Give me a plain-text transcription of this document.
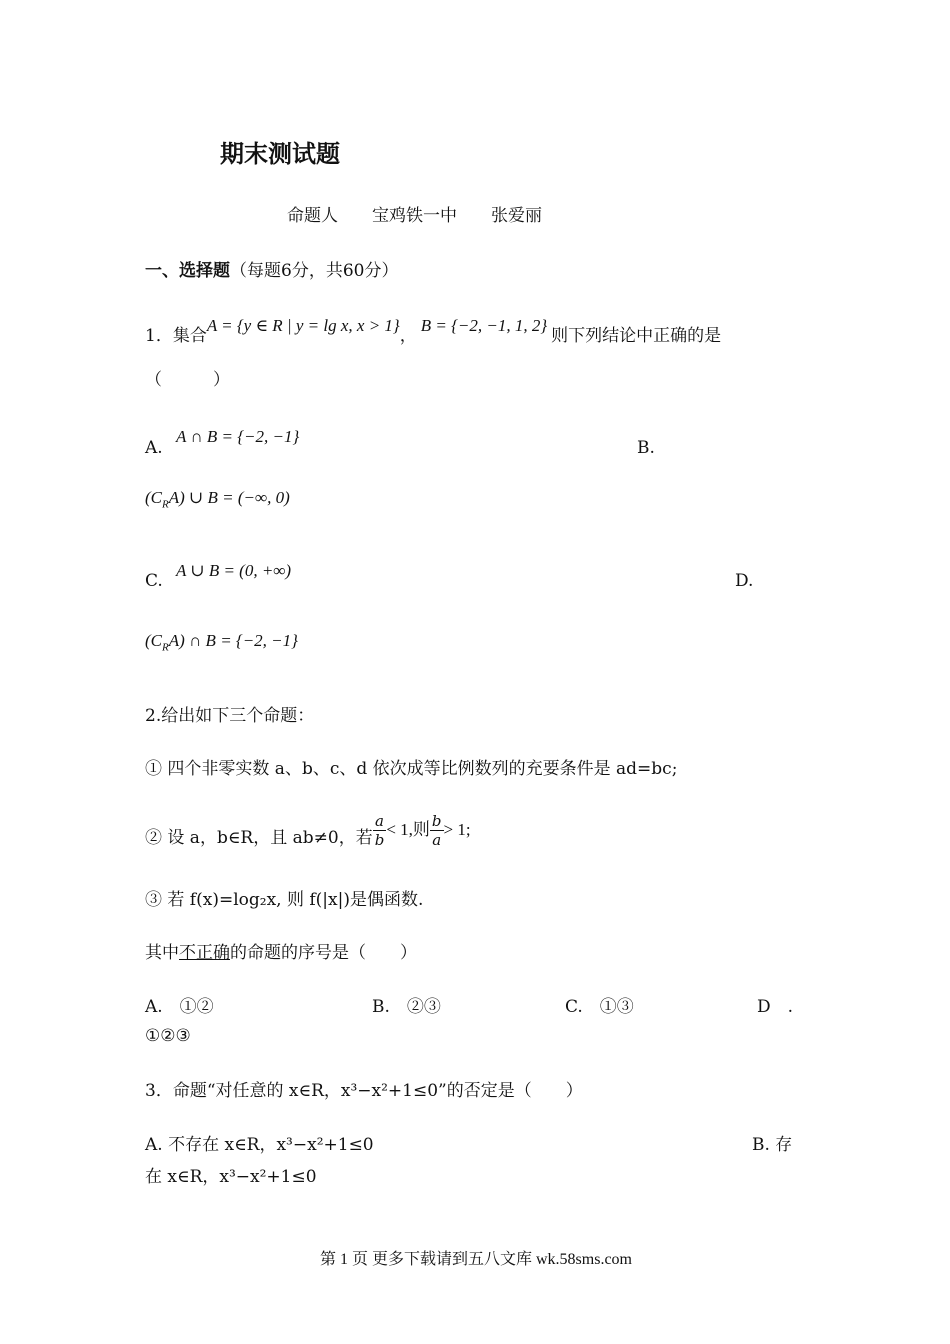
期末测试题
命题人　　宝鸡铁一中　　张爱丽
一、选择题（每题6分，共60分）
1．集合A = {y ∈ R | y = lg x, x > 1}，B = {−2, −1, 1, 2}则下列结论中正确的是
（　　　）
A.
A ∩ B = {−2, −1}
B.
$(C_RA)$ ∪ B = (−∞, 0)
C.
A ∪ B = (0, +∞)
D.
$(C_RA)$ ∩ B = {−2, −1}
2.给出如下三个命题：
① 四个非零实数 a、b、c、d 依次成等比例数列的充要条件是 ad=bc;
② 设 a，b∈R，且 ab≠0，若 $\frac{a}{b} < 1$,则 $\frac{b}{a} > 1$;
③ 若 f(x)=log₂x, 则 f(|x|)是偶函数.
其中不正确的命题的序号是（　　）
A.　①②	B.　②③	C.　①③	D　.
①②③
3．命题“对任意的 x∈R，x³−x²+1≤0”的否定是（　　）
A. 不存在 x∈R，x³−x²+1≤0	B. 存
在 x∈R，x³−x²+1≤0
第 1 页 更多下载请到五八文库 wk.58sms.com
